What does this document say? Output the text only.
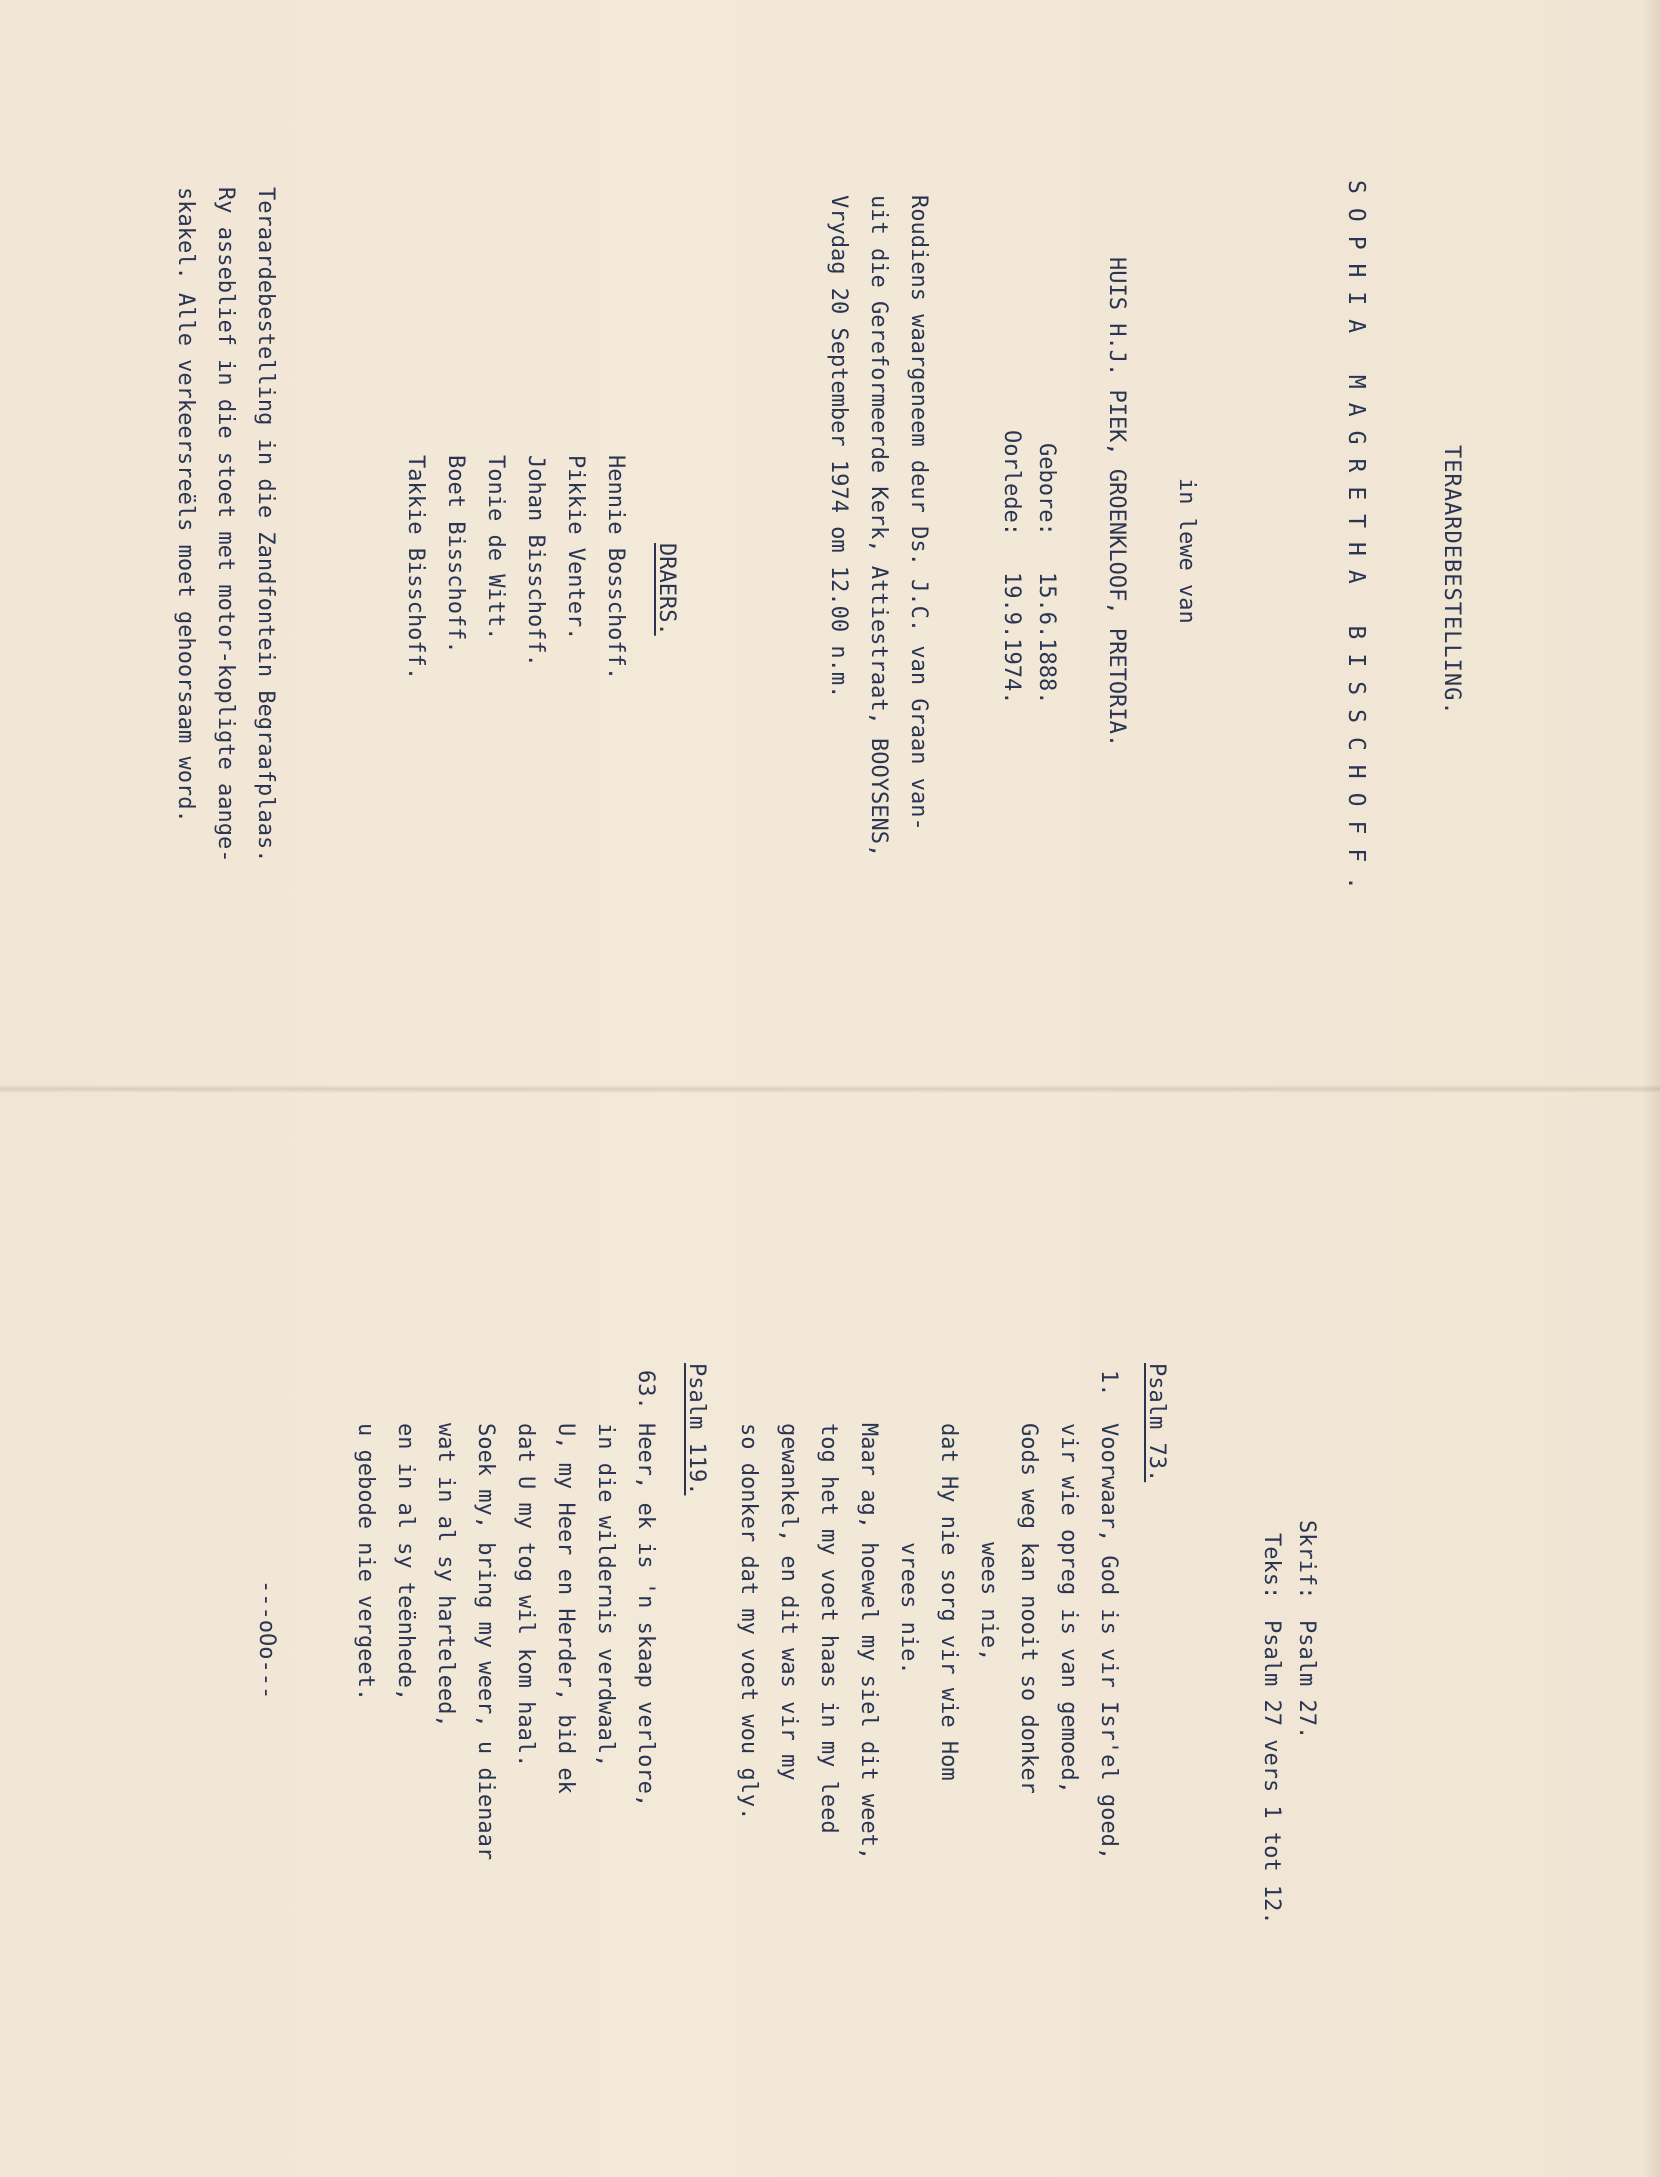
TERAARDEBESTELLING.
SOPHIA MAGRETHA BISSCHOFF.
in lewe van
HUIS H.J. PIEK, GROENKLOOF, PRETORIA.
Gebore:
15.6.1888.
Oorlede:
19.9.1974.
Roudiens waargeneem deur Ds. J.C. van Graan van-
uit die Gereformeerde Kerk, Attiestraat, BOOYSENS,
Vrydag 20 September 1974 om 12.00 n.m.
DRAERS.
Hennie Bosschoff.
Pikkie Venter.
Johan Bisschoff.
Tonie de Witt.
Boet Bisschoff.
Takkie Bisschoff.
Teraardebestelling in die Zandfontein Begraafplaas.
Ry asseblief in die stoet met motor-kopligte aange-
skakel. Alle verkeersreëls moet gehoorsaam word.
Skrif:
Psalm 27.
Teks:
Psalm 27 vers 1 tot 12.
Psalm 73.
1.  Voorwaar, God is vir Isr'el goed,
vir wie opreg is van gemoed,
Gods weg kan nooit so donker
wees nie,
dat Hy nie sorg vir wie Hom
vrees nie.
Maar ag, hoewel my siel dit weet,
tog het my voet haas in my leed
gewankel, en dit was vir my
so donker dat my voet wou gly.
Psalm 119.
63. Heer, ek is 'n skaap verlore,
in die wildernis verdwaal,
U, my Heer en Herder, bid ek
dat U my tog wil kom haal.
Soek my, bring my weer, u dienaar
wat in al sy harteleed,
en in al sy teënhede,
u gebode nie vergeet.
---oOo---
